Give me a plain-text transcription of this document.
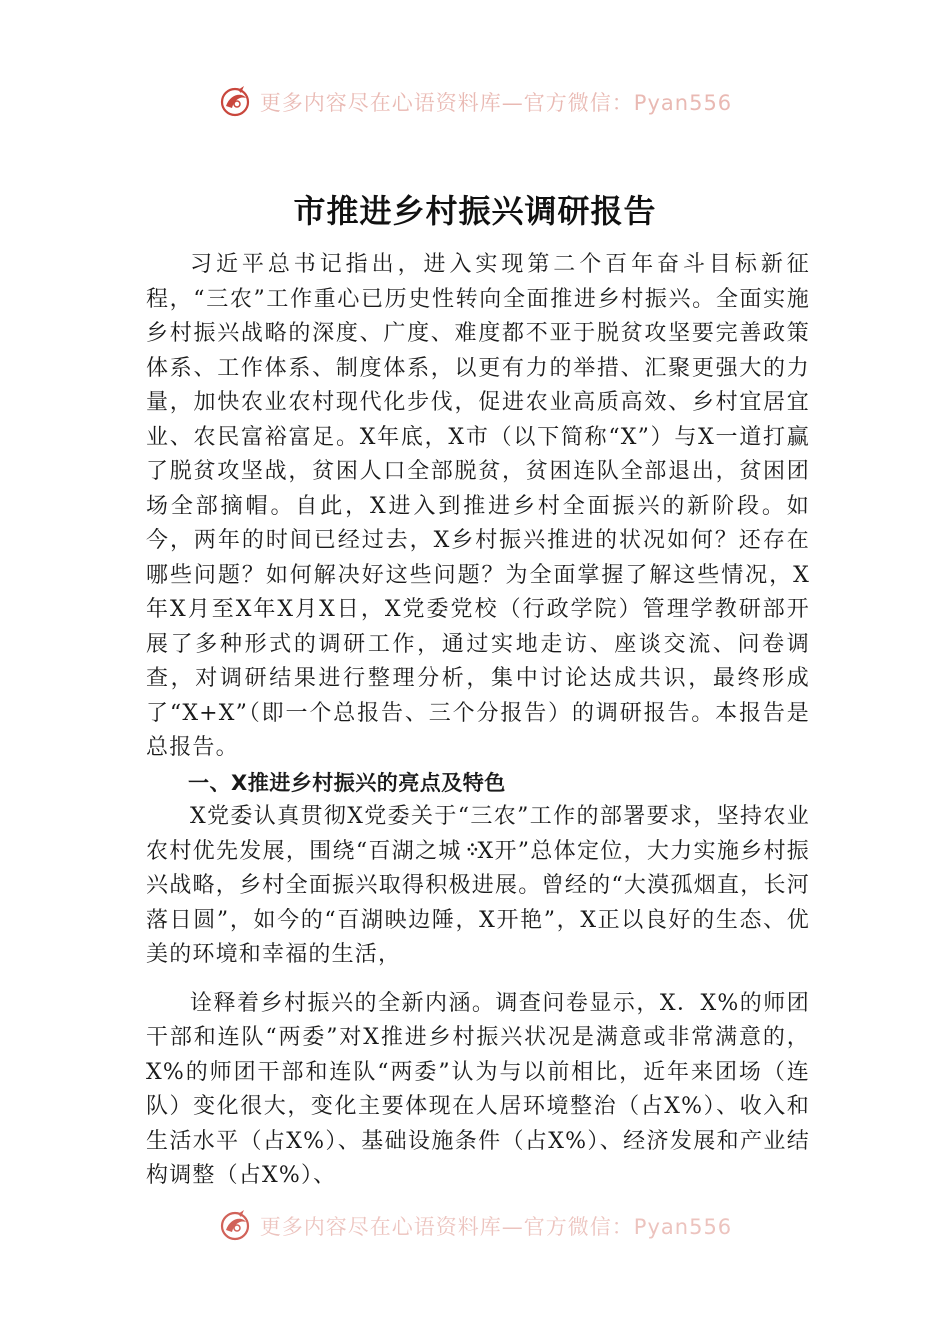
更多内容尽在心语资料库—官方微信：Pyan556
市推进乡村振兴调研报告

习近平总书记指出，进入实现第二个百年奋斗目标新征程，“三农”工作重心已历史性转向全面推进乡村振兴。全面实施乡村振兴战略的深度、广度、难度都不亚于脱贫攻坚要完善政策体系、工作体系、制度体系，以更有力的举措、汇聚更强大的力量，加快农业农村现代化步伐，促进农业高质高效、乡村宜居宜业、农民富裕富足。X年底，X市（以下简称“X”）与X一道打赢了脱贫攻坚战，贫困人口全部脱贫，贫困连队全部退出，贫困团场全部摘帽。自此，X进入到推进乡村全面振兴的新阶段。如今，两年的时间已经过去，X乡村振兴推进的状况如何？还存在哪些问题？如何解决好这些问题？为全面掌握了解这些情况，X年X月至X年X月X日，X党委党校（行政学院）管理学教研部开展了多种形式的调研工作，通过实地走访、座谈交流、问卷调查，对调研结果进行整理分析，集中讨论达成共识，最终形成了“X+X”（即一个总报告、三个分报告）的调研报告。本报告是总报告。

一、X推进乡村振兴的亮点及特色

X党委认真贯彻X党委关于“三农”工作的部署要求，坚持农业农村优先发展，围绕“百湖之城᠅X开”总体定位，大力实施乡村振兴战略，乡村全面振兴取得积极进展。曾经的“大漠孤烟直，长河落日圆”，如今的“百湖映边陲，X开艳”，X正以良好的生态、优美的环境和幸福的生活，

诠释着乡村振兴的全新内涵。调查问卷显示，X．X%的师团干部和连队“两委”对X推进乡村振兴状况是满意或非常满意的，X%的师团干部和连队“两委”认为与以前相比，近年来团场（连队）变化很大，变化主要体现在人居环境整治（占X%）、收入和生活水平（占X%）、基础设施条件（占X%）、经济发展和产业结构调整（占X%）、

更多内容尽在心语资料库—官方微信：Pyan556
